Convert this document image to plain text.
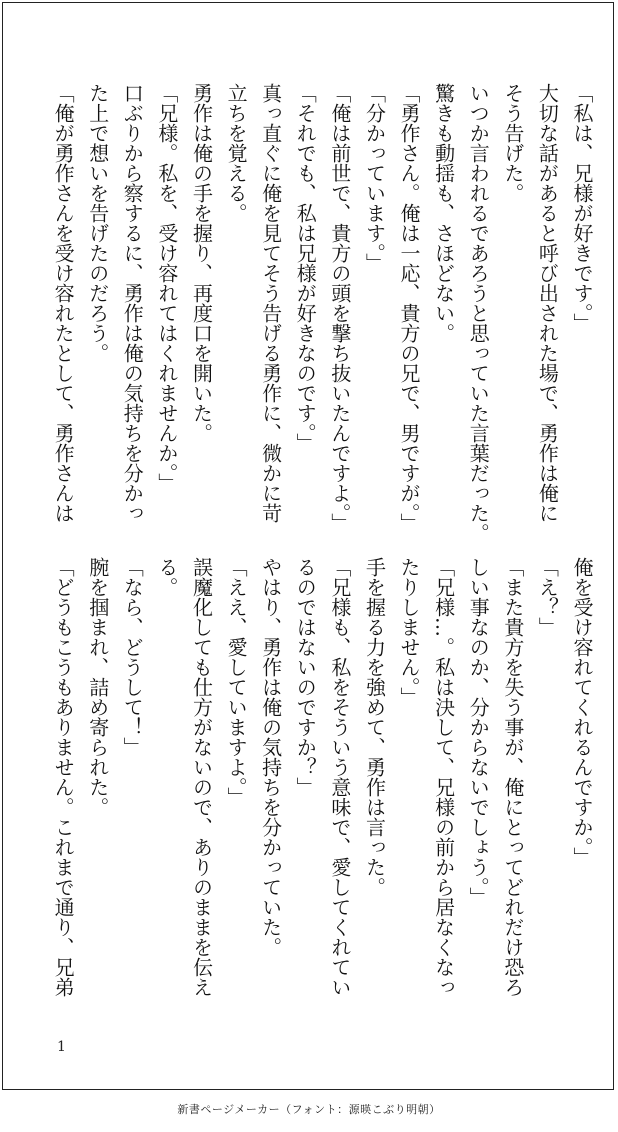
「私は、兄様が好きです。」
大切な話があると呼び出された場で、勇作は俺に
そう告げた。
いつか言われるであろうと思っていた言葉だった。
驚きも動揺も、さほどない。
「勇作さん。俺は一応、貴方の兄で、男ですが。」
「分かっています。」
「俺は前世で、貴方の頭を撃ち抜いたんですよ。」
「それでも、私は兄様が好きなのです。」
真っ直ぐに俺を見てそう告げる勇作に、微かに苛
立ちを覚える。
勇作は俺の手を握り、再度口を開いた。
「兄様。私を、受け容れてはくれませんか。」
口ぶりから察するに、勇作は俺の気持ちを分かっ
た上で想いを告げたのだろう。
「俺が勇作さんを受け容れたとして、勇作さんは
俺を受け容れてくれるんですか。」
「え？」
「また貴方を失う事が、俺にとってどれだけ恐ろ
しい事なのか、分からないでしょう。」
「兄様…。私は決して、兄様の前から居なくなっ
たりしません。」
手を握る力を強めて、勇作は言った。
「兄様も、私をそういう意味で、愛してくれてい
るのではないのですか？」
やはり、勇作は俺の気持ちを分かっていた。
「ええ、愛していますよ。」
誤魔化しても仕方がないので、ありのままを伝え
る。
「なら、どうして！」
腕を掴まれ、詰め寄られた。
「どうもこうもありません。これまで通り、兄弟
1
新書ページメーカー（フォント：源暎こぶり明朝）
